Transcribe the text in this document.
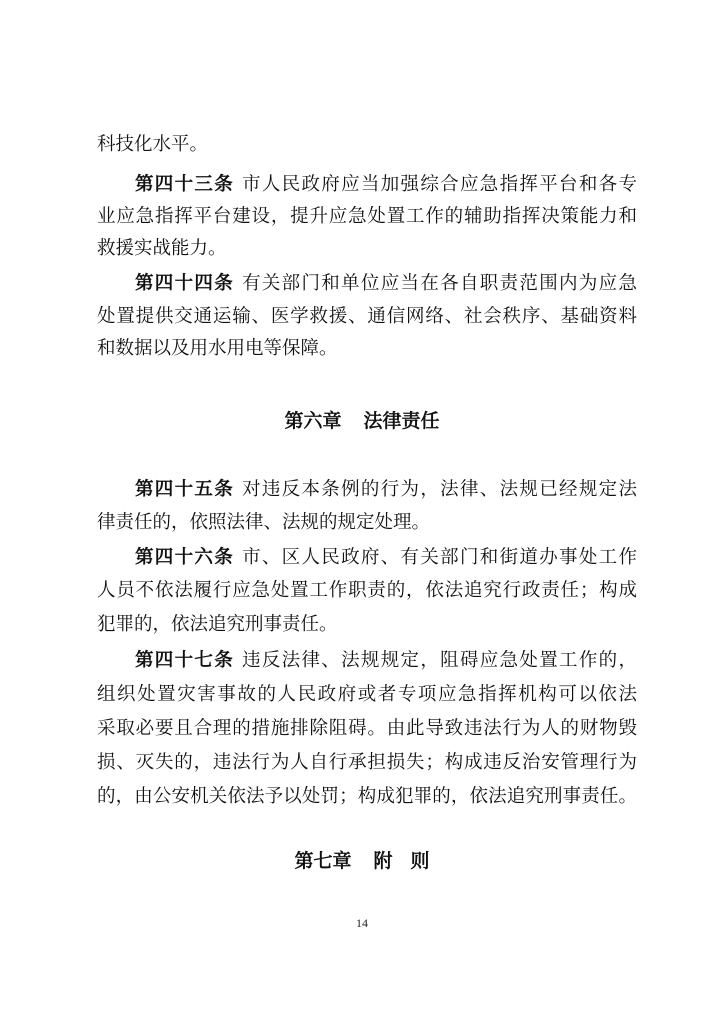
科技化水平。
第四十三条 市人民政府应当加强综合应急指挥平台和各专
业应急指挥平台建设，提升应急处置工作的辅助指挥决策能力和
救援实战能力。
第四十四条 有关部门和单位应当在各自职责范围内为应急
处置提供交通运输、医学救援、通信网络、社会秩序、基础资料
和数据以及用水用电等保障。
第六章 法律责任
第四十五条 对违反本条例的行为，法律、法规已经规定法
律责任的，依照法律、法规的规定处理。
第四十六条 市、区人民政府、有关部门和街道办事处工作
人员不依法履行应急处置工作职责的，依法追究行政责任；构成
犯罪的，依法追究刑事责任。
第四十七条 违反法律、法规规定，阻碍应急处置工作的，
组织处置灾害事故的人民政府或者专项应急指挥机构可以依法
采取必要且合理的措施排除阻碍。由此导致违法行为人的财物毁
损、灭失的，违法行为人自行承担损失；构成违反治安管理行为
的，由公安机关依法予以处罚；构成犯罪的，依法追究刑事责任。
第七章 附 则
14
